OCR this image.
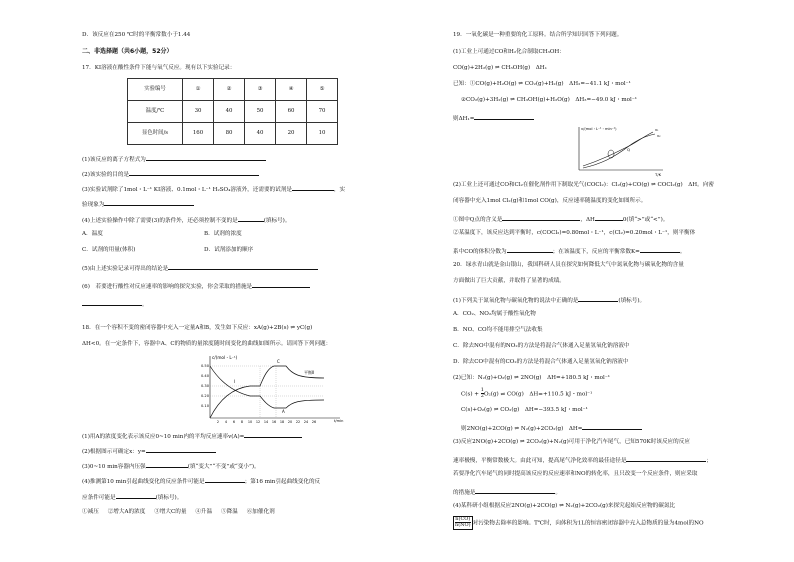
D．该反应在250 ℃时的平衡常数小于1.44
二、非选择题（共6小题，52分）
17．KI溶液在酸性条件下能与氧气反应。现有以下实验记录：
实验编号	①	②	③	④	⑤
温度/℃	30	40	50	60	70
显色时间/s	160	80	40	20	10
(1)该反应的离子方程式为
(2)该实验的目的是
(3)实验试剂除了1mol・L⁻¹ KI溶液、0.1mol・L⁻¹ H₂SO₄溶液外，还需要的试剂是	，实
验现象为
(4)上述实验操作中除了需要(3)的条件外，还必须控制不变的是	(填标号)。
A．温度	B．试剂的浓度
C．试剂的用量(体积)	D．试剂添加的顺序
(5)由上述实验记录可得出的结论是
(6)　若要进行酸性对反应速率的影响的探究实验，你会采取的措施是
。
18．在一个容积不变的密闭容器中充入一定量A和B，发生如下反应：xA(g)+2B(s) ⇌ yC(g)
ΔH<0。在一定条件下，容器中A、C的物质的量浓度随时间变化的曲线如图所示。请回答下列问题：
c/(mol・L⁻¹)
0.50
0.40
0.30
0.20
0.10
2 4 6 8 10 12 14 16 18 20 22 24 26	t/min
C
A
平衡Ⅱ
Ⅰ
(1)用A的浓度变化表示该反应0~10 min内的平均反应速率v(A)=
(2)根据图示可确定x：y=
(3)0~10 min容器内压强	(填“变大”“不变”或“变小”)。
(4)推测第10 min引起曲线变化的反应条件可能是	；第16 min引起曲线变化的反
应条件可能是	(填标号)。
①减压 ②增大A的浓度 ③增大C的量 ④升温 ⑤降温 ⑥加催化剂
19．一氧化碳是一种重要的化工原料。结合所学知识回答下列问题。
(1)工业上可通过CO和H₂化合制取CH₃OH：
CO(g)+2H₂(g) ⇌ CH₃OH(g)　ΔH₁
已知：①CO(g)+H₂O(g) ⇌ CO₂(g)+H₂(g)　ΔH₂=−41.1 kJ・mol⁻¹
②CO₂(g)+3H₂(g) ⇌ CH₃OH(g)+H₂O(g)　ΔH₃=−49.0 kJ・mol⁻¹
则ΔH₁=
v/(mol・L⁻¹・min⁻¹)
T/K
Q
v₁
v₂
(2)工业上还可通过CO和Cl₂在催化剂作用下制取光气(COCl₂)：Cl₂(g)+CO(g) ⇌ COCl₂(g)　ΔH。向密
闭容器中充入1mol Cl₂(g)和1mol CO(g)，反应速率随温度的变化如图所示。
①图中Q点的含义是	，ΔH	0(填“>”或“<”)。
②某温度下，该反应达到平衡时，c(COCl₂)=0.80mol・L⁻¹，c(Cl₂)=0.20mol・L⁻¹，则平衡体
系中CO的体积分数为	；在该温度下，反应的平衡常数K=	。
20．绿水青山就是金山银山，我国科研人员在探究如何降低大气中氮氧化物与碳氧化物的含量
方面做出了巨大贡献，并取得了显著的成绩。
(1)下列关于氮氧化物与碳氧化物的说法中正确的是	(填标号)。
A．CO₂、NO₂均属于酸性氧化物
B．NO、CO均不能用排空气法收集
C．除去NO中混有的NO₂的方法是将混合气体通入足量氢氧化钠溶液中
D．除去CO中混有的CO₂的方法是将混合气体通入足量氢氧化钠溶液中
(2)已知：N₂(g)+O₂(g) ⇌ 2NO(g)　ΔH=+180.5 kJ・mol⁻¹
$C(s) + \frac{1}{2} O_2(g)$ ⇌ CO(g)　ΔH=+110.5 kJ・mol⁻¹
C(s)+O₂(g) ⇌ CO₂(g)　ΔH=−393.5 kJ・mol⁻¹
则2NO(g)+2CO(g) ⇌ N₂(g)+2CO₂(g)　ΔH=
(3)反应2NO(g)+2CO(g) ⇌ 2CO₂(g)+N₂(g)可用于净化汽车尾气，已知570K时该反应的反应
速率极慢，平衡常数极大。由此可知，提高尾气净化效率的最佳途径是	；
若要净化汽车尾气的同时提高该反应的反应速率和NO的转化率，且只改变一个反应条件，则应采取
的措施是	。
(4)某科研小组根据反应2NO(g)+2CO(g) ⇌ N₂(g)+2CO₂(g)来探究起始反应物的碳氮比
$\frac{n(CO)}{n(NO)}$ 对污染物去除率的影响。T℃时，向体积为1L的恒容密闭容器中充入总物质的量为4mol的NO
